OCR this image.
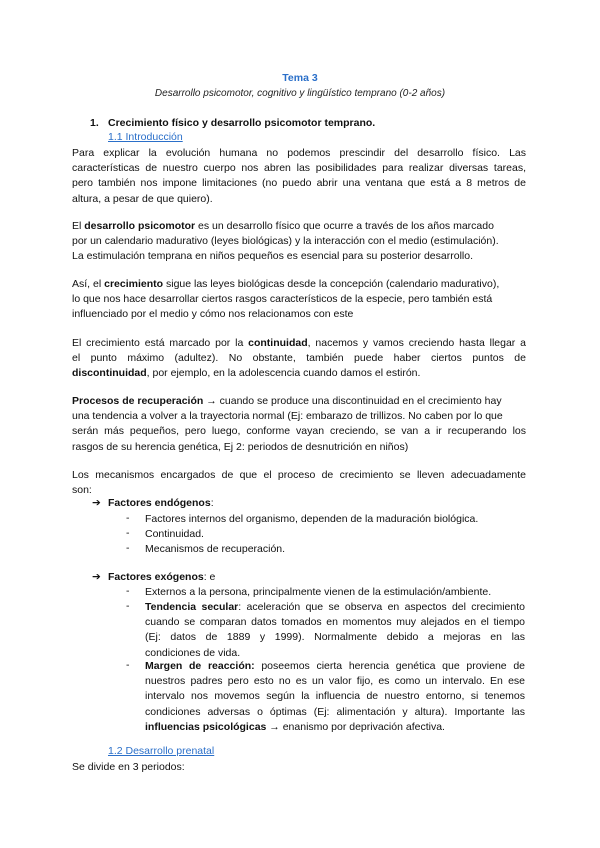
Tema 3
Desarrollo psicomotor, cognitivo y lingüístico temprano (0-2 años)
1. Crecimiento físico y desarrollo psicomotor temprano.
1.1 Introducción
Para explicar la evolución humana no podemos prescindir del desarrollo físico. Las
características de nuestro cuerpo nos abren las posibilidades para realizar diversas tareas,
pero también nos impone limitaciones (no puedo abrir una ventana que está a 8 metros de
altura, a pesar de que quiero).
El desarrollo psicomotor es un desarrollo físico que ocurre a través de los años marcado
por un calendario madurativo (leyes biológicas) y la interacción con el medio (estimulación).
La estimulación temprana en niños pequeños es esencial para su posterior desarrollo.
Así, el crecimiento sigue las leyes biológicas desde la concepción (calendario madurativo),
lo que nos hace desarrollar ciertos rasgos característicos de la especie, pero también está
influenciado por el medio y cómo nos relacionamos con este
El crecimiento está marcado por la continuidad, nacemos y vamos creciendo hasta llegar a
el punto máximo (adultez). No obstante, también puede haber ciertos puntos de
discontinuidad, por ejemplo, en la adolescencia cuando damos el estirón.
Procesos de recuperación → cuando se produce una discontinuidad en el crecimiento hay
una tendencia a volver a la trayectoria normal (Ej: embarazo de trillizos. No caben por lo que
serán más pequeños, pero luego, conforme vayan creciendo, se van a ir recuperando los
rasgos de su herencia genética, Ej 2: periodos de desnutrición en niños)
Los mecanismos encargados de que el proceso de crecimiento se lleven adecuadamente
son:
➔ Factores endógenos:
- Factores internos del organismo, dependen de la maduración biológica.
- Continuidad.
- Mecanismos de recuperación.
➔ Factores exógenos: e
- Externos a la persona, principalmente vienen de la estimulación/ambiente.
- Tendencia secular: aceleración que se observa en aspectos del crecimiento
cuando se comparan datos tomados en momentos muy alejados en el tiempo
(Ej: datos de 1889 y 1999). Normalmente debido a mejoras en las
condiciones de vida.
- Margen de reacción: poseemos cierta herencia genética que proviene de
nuestros padres pero esto no es un valor fijo, es como un intervalo. En ese
intervalo nos movemos según la influencia de nuestro entorno, si tenemos
condiciones adversas o óptimas (Ej: alimentación y altura). Importante las
influencias psicológicas → enanismo por deprivación afectiva.
1.2 Desarrollo prenatal
Se divide en 3 periodos:
